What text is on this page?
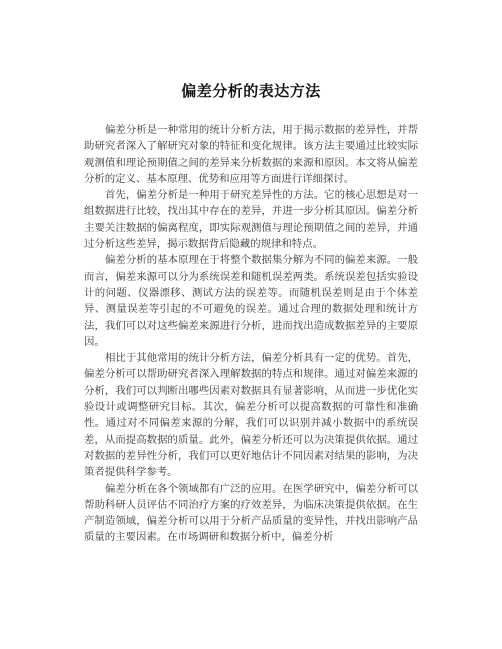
偏差分析的表达方法

偏差分析是一种常用的统计分析方法，用于揭示数据的差异性，并帮助研究者深入了解研究对象的特征和变化规律。该方法主要通过比较实际观测值和理论预期值之间的差异来分析数据的来源和原因。本文将从偏差分析的定义、基本原理、优势和应用等方面进行详细探讨。

首先，偏差分析是一种用于研究差异性的方法。它的核心思想是对一组数据进行比较，找出其中存在的差异，并进一步分析其原因。偏差分析主要关注数据的偏离程度，即实际观测值与理论预期值之间的差异，并通过分析这些差异，揭示数据背后隐藏的规律和特点。

偏差分析的基本原理在于将整个数据集分解为不同的偏差来源。一般而言，偏差来源可以分为系统误差和随机误差两类。系统误差包括实验设计的问题、仪器漂移、测试方法的误差等。而随机误差则是由于个体差异、测量误差等引起的不可避免的误差。通过合理的数据处理和统计方法，我们可以对这些偏差来源进行分析，进而找出造成数据差异的主要原因。

相比于其他常用的统计分析方法，偏差分析具有一定的优势。首先，偏差分析可以帮助研究者深入理解数据的特点和规律。通过对偏差来源的分析，我们可以判断出哪些因素对数据具有显著影响，从而进一步优化实验设计或调整研究目标。其次，偏差分析可以提高数据的可靠性和准确性。通过对不同偏差来源的分解，我们可以识别并减小数据中的系统误差，从而提高数据的质量。此外，偏差分析还可以为决策提供依据。通过对数据的差异性分析，我们可以更好地估计不同因素对结果的影响，为决策者提供科学参考。

偏差分析在各个领域都有广泛的应用。在医学研究中，偏差分析可以帮助科研人员评估不同治疗方案的疗效差异，为临床决策提供依据。在生产制造领域，偏差分析可以用于分析产品质量的变异性，并找出影响产品质量的主要因素。在市场调研和数据分析中，偏差分析
